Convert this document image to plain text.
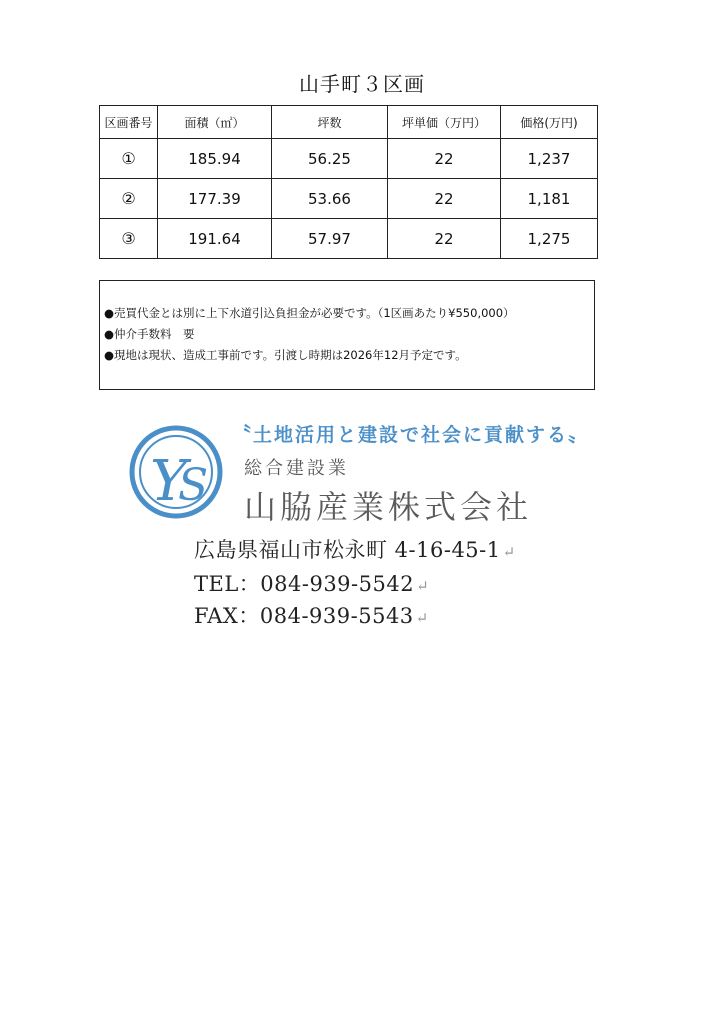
山手町３区画
区画番号	面積（㎡）	坪数	坪単価（万円）	価格(万円)
①	185.94	56.25	22	1,237
②	177.39	53.66	22	1,181
③	191.64	57.97	22	1,275
●売買代金とは別に上下水道引込負担金が必要です。（1区画あたり¥550,000）
●仲介手数料　要
●現地は現状、造成工事前です。引渡し時期は2026年12月予定です。
Y
S
〝土地活用と建設で社会に貢献する〟
総合建設業
山脇産業株式会社
広島県福山市松永町 4-16-45-1 ↵
TEL：084-939-5542 ↵
FAX：084-939-5543 ↵
